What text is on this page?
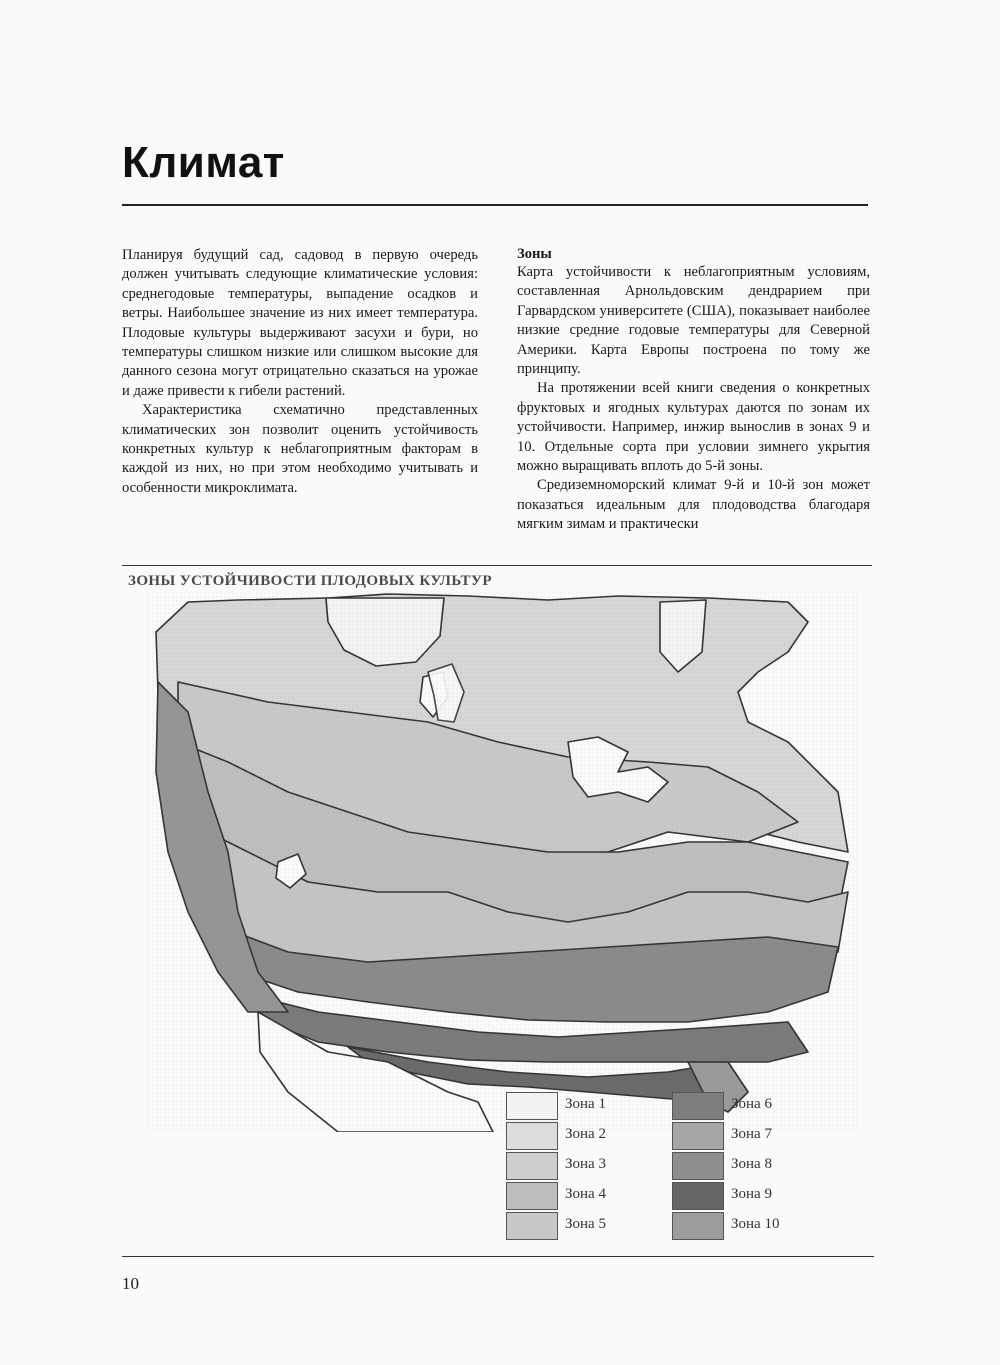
Климат

Планируя будущий сад, садовод в первую очередь должен учитывать следующие климатические условия: среднегодовые температуры, выпадение осадков и ветры. Наибольшее значение из них имеет температура. Плодовые культуры выдерживают засухи и бури, но температуры слишком низкие или слишком высокие для данного сезона могут отрицательно сказаться на урожае и даже привести к гибели растений.

Характеристика схематично представленных климатических зон позволит оценить устойчивость конкретных культур к неблагоприятным факторам в каждой из них, но при этом необходимо учитывать и особенности микроклимата.

Зоны

Карта устойчивости к неблагоприятным условиям, составленная Арнольдовским дендрарием при Гарвардском университете (США), показывает наиболее низкие средние годовые температуры для Северной Америки. Карта Европы построена по тому же принципу.

На протяжении всей книги сведения о конкретных фруктовых и ягодных культурах даются по зонам их устойчивости. Например, инжир вынослив в зонах 9 и 10. Отдельные сорта при условии зимнего укрытия можно выращивать вплоть до 5-й зоны.

Средиземноморский климат 9-й и 10-й зон может показаться идеальным для плодоводства благодаря мягким зимам и практически

ЗОНЫ УСТОЙЧИВОСТИ ПЛОДОВЫХ КУЛЬТУР
Зона 1
Зона 2
Зона 3
Зона 4
Зона 5
Зона 6
Зона 7
Зона 8
Зона 9
Зона 10

10
